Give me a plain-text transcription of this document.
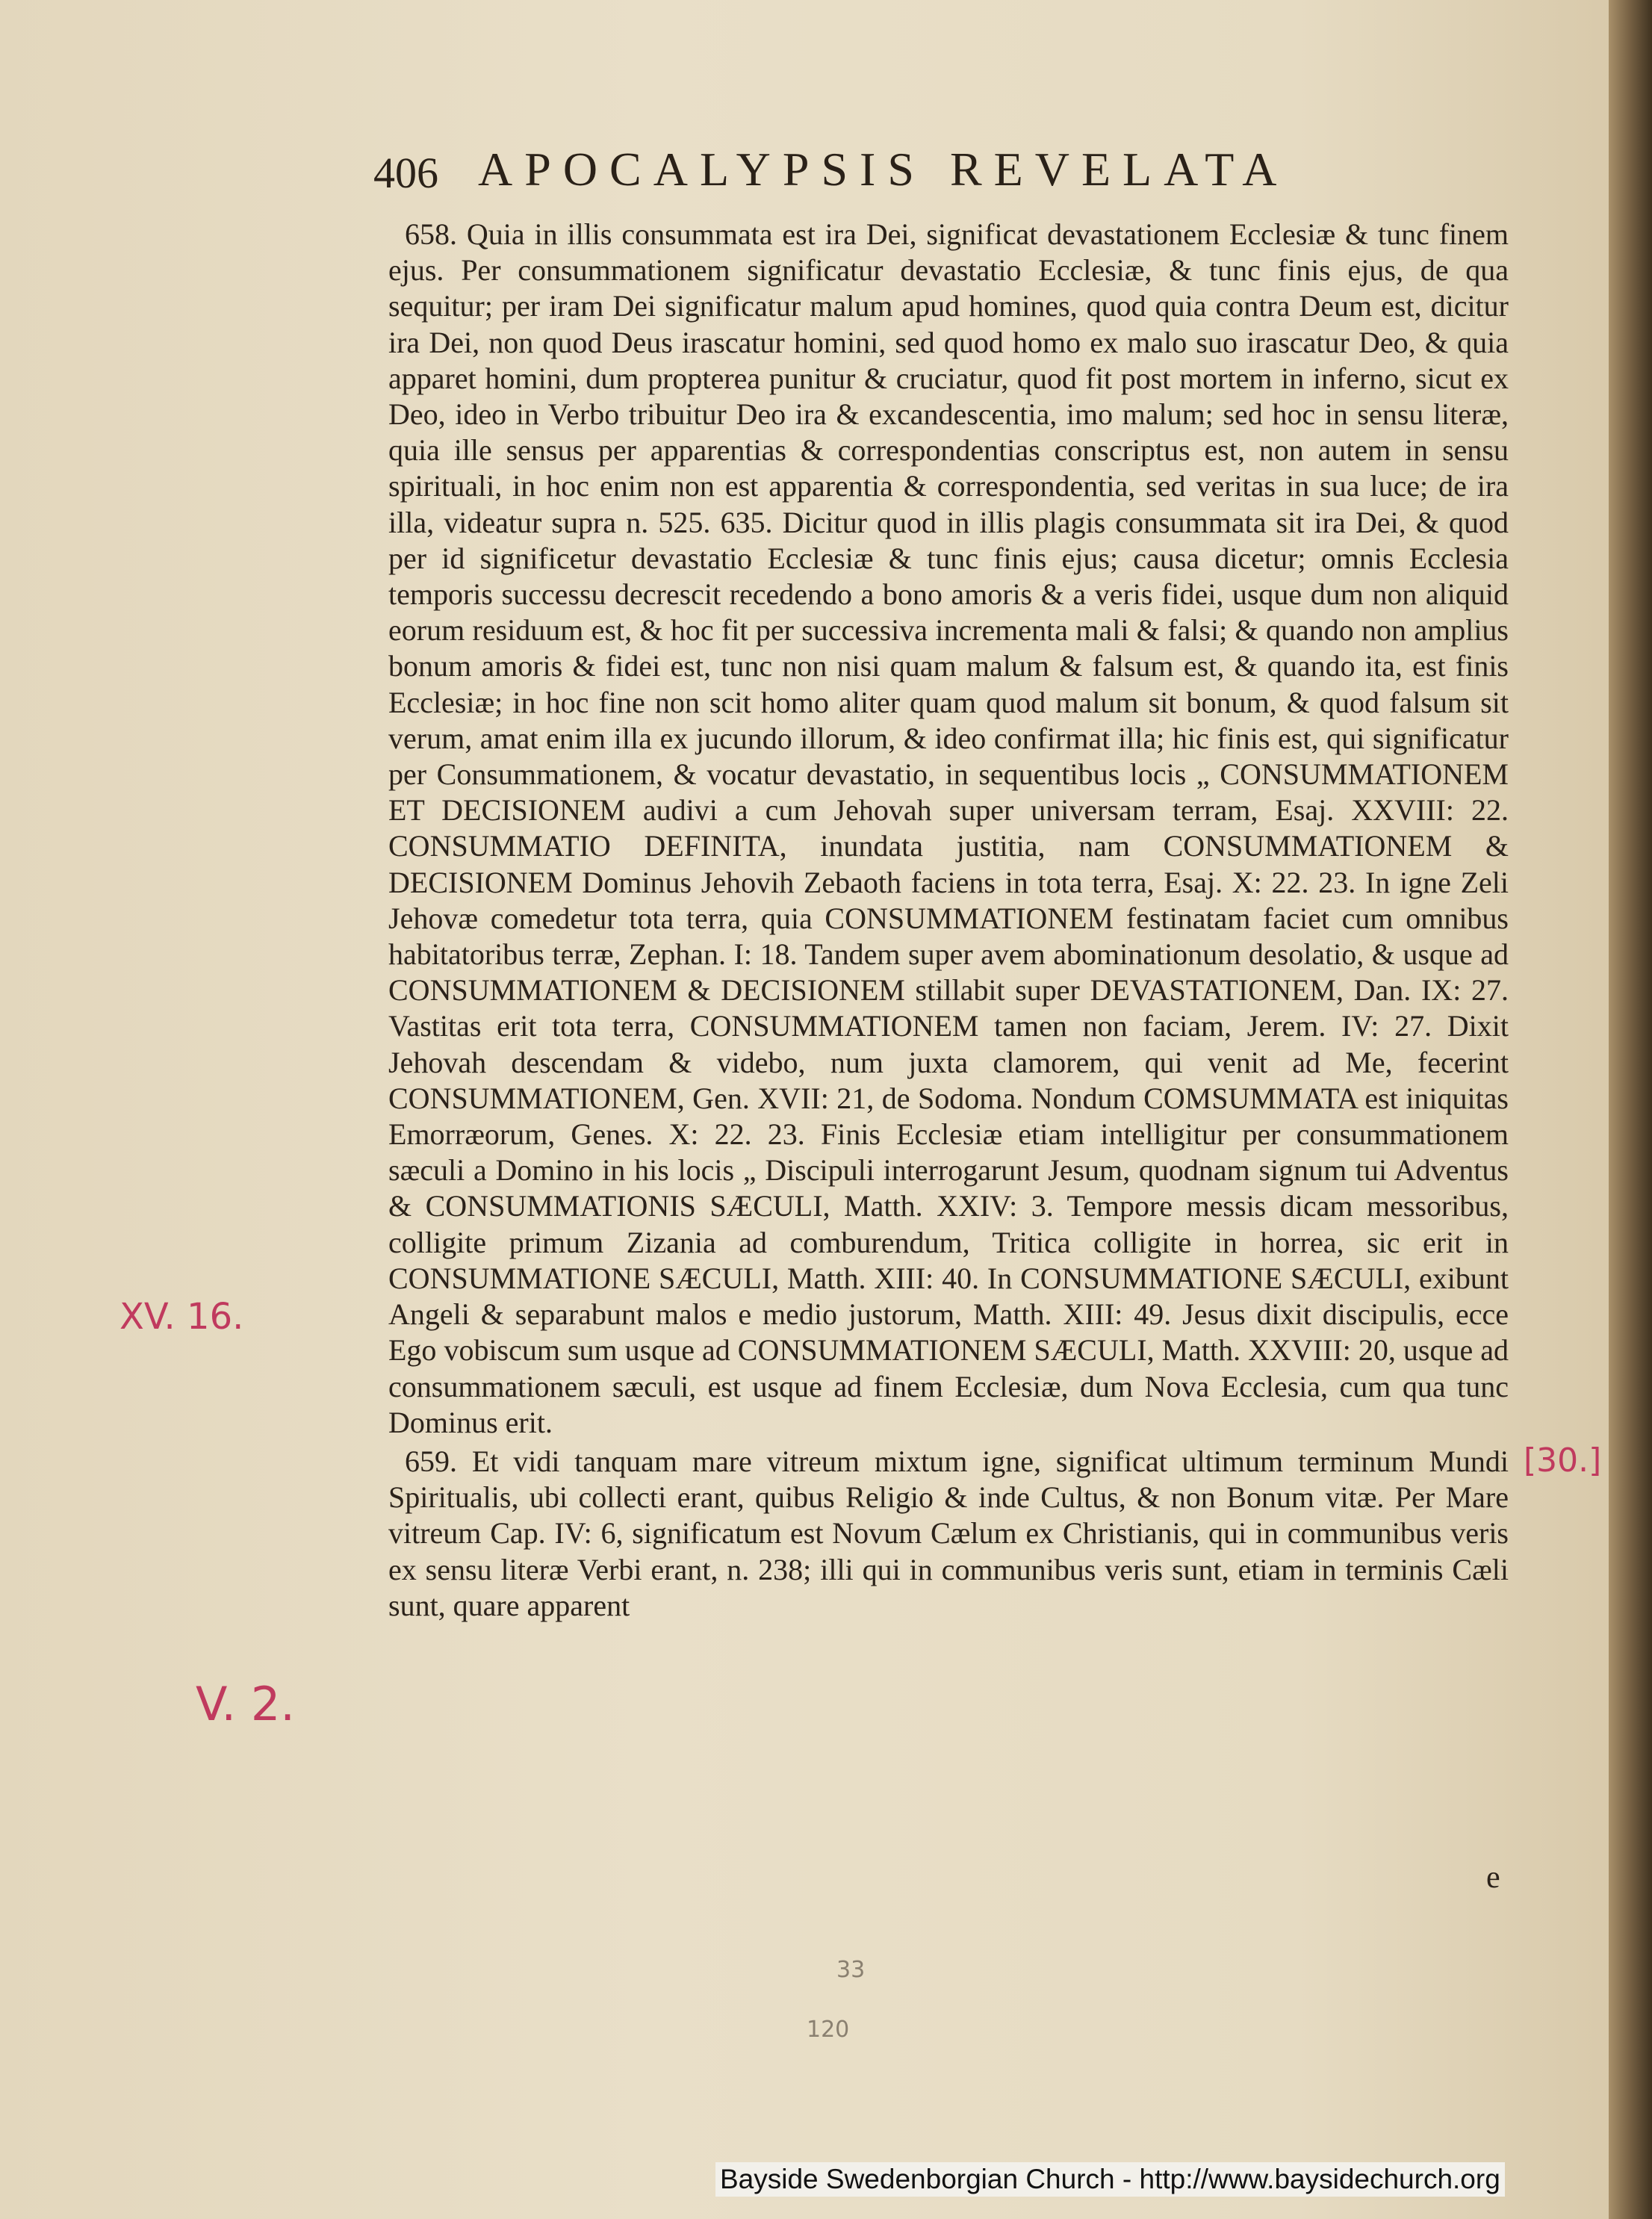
406 APOCALYPSIS REVELATA

658. Quia in illis consummata est ira Dei, significat devastationem Ecclesiæ & tunc finem ejus. Per consummationem significatur devastatio Ecclesiæ, & tunc finis ejus, de qua sequitur; per iram Dei significatur malum apud homines, quod quia contra Deum est, dicitur ira Dei, non quod Deus irascatur homini, sed quod homo ex malo suo irascatur Deo, & quia apparet homini, dum propterea punitur & cruciatur, quod fit post mortem in inferno, sicut ex Deo, ideo in Verbo tribuitur Deo ira & excandescentia, imo malum; sed hoc in sensu literæ, quia ille sensus per apparentias & correspondentias conscriptus est, non autem in sensu spirituali, in hoc enim non est apparentia & correspondentia, sed veritas in sua luce; de ira illa, videatur supra n. 525. 635. Dicitur quod in illis plagis consummata sit ira Dei, & quod per id significetur devastatio Ecclesiæ & tunc finis ejus; causa dicetur; omnis Ecclesia temporis successu decrescit recedendo a bono amoris & a veris fidei, usque dum non aliquid eorum residuum est, & hoc fit per successiva incrementa mali & falsi; & quando non amplius bonum amoris & fidei est, tunc non nisi quam malum & falsum est, & quando ita, est finis Ecclesiæ; in hoc fine non scit homo aliter quam quod malum sit bonum, & quod falsum sit verum, amat enim illa ex jucundo illorum, & ideo confirmat illa; hic finis est, qui significatur per Consummationem, & vocatur devastatio, in sequentibus locis „ CONSUMMATIONEM ET DECISIONEM audivi a cum Jehovah super universam terram, Esaj. XXVIII: 22. CONSUMMATIO DEFINITA, inundata justitia, nam CONSUMMATIONEM & DECISIONEM Dominus Jehovih Zebaoth faciens in tota terra, Esaj. X: 22. 23. In igne Zeli Jehovæ comedetur tota terra, quia CONSUMMATIONEM festinatam faciet cum omnibus habitatoribus terræ, Zephan. I: 18. Tandem super avem abominationum desolatio, & usque ad CONSUMMATIONEM & DECISIONEM stillabit super DEVASTATIONEM, Dan. IX: 27. Vastitas erit tota terra, CONSUMMATIONEM tamen non faciam, Jerem. IV: 27. Dixit Jehovah descendam & videbo, num juxta clamorem, qui venit ad Me, fecerint CONSUMMATIONEM, Gen. XVII: 21, de Sodoma. Nondum COMSUMMATA est iniquitas Emorræorum, Genes. X: 22. 23. Finis Ecclesiæ etiam intelligitur per consummationem sæculi a Domino in his locis „ Discipuli interrogarunt Jesum, quodnam signum tui Adventus & CONSUMMATIONIS SÆCULI, Matth. XXIV: 3. Tempore messis dicam messoribus, colligite primum Zizania ad comburendum, Tritica colligite in horrea, sic erit in CONSUMMATIONE SÆCULI, Matth. XIII: 40. In CONSUMMATIONE SÆCULI, exibunt Angeli & separabunt malos e medio justorum, Matth. XIII: 49. Jesus dixit discipulis, ecce Ego vobiscum sum usque ad CONSUMMATIONEM SÆCULI, Matth. XXVIII: 20, usque ad consummationem sæculi, est usque ad finem Ecclesiæ, dum Nova Ecclesia, cum qua tunc Dominus erit.

659. Et vidi tanquam mare vitreum mixtum igne, significat ultimum terminum Mundi Spiritualis, ubi collecti erant, quibus Religio & inde Cultus, & non Bonum vitæ. Per Mare vitreum Cap. IV: 6, significatum est Novum Cælum ex Christianis, qui in communibus veris ex sensu literæ Verbi erant, n. 238; illi qui in communibus veris sunt, etiam in terminis Cæli sunt, quare apparent

e
XV. 16.
V. 2.
[30.]
33
120
Bayside Swedenborgian Church - http://www.baysidechurch.org
